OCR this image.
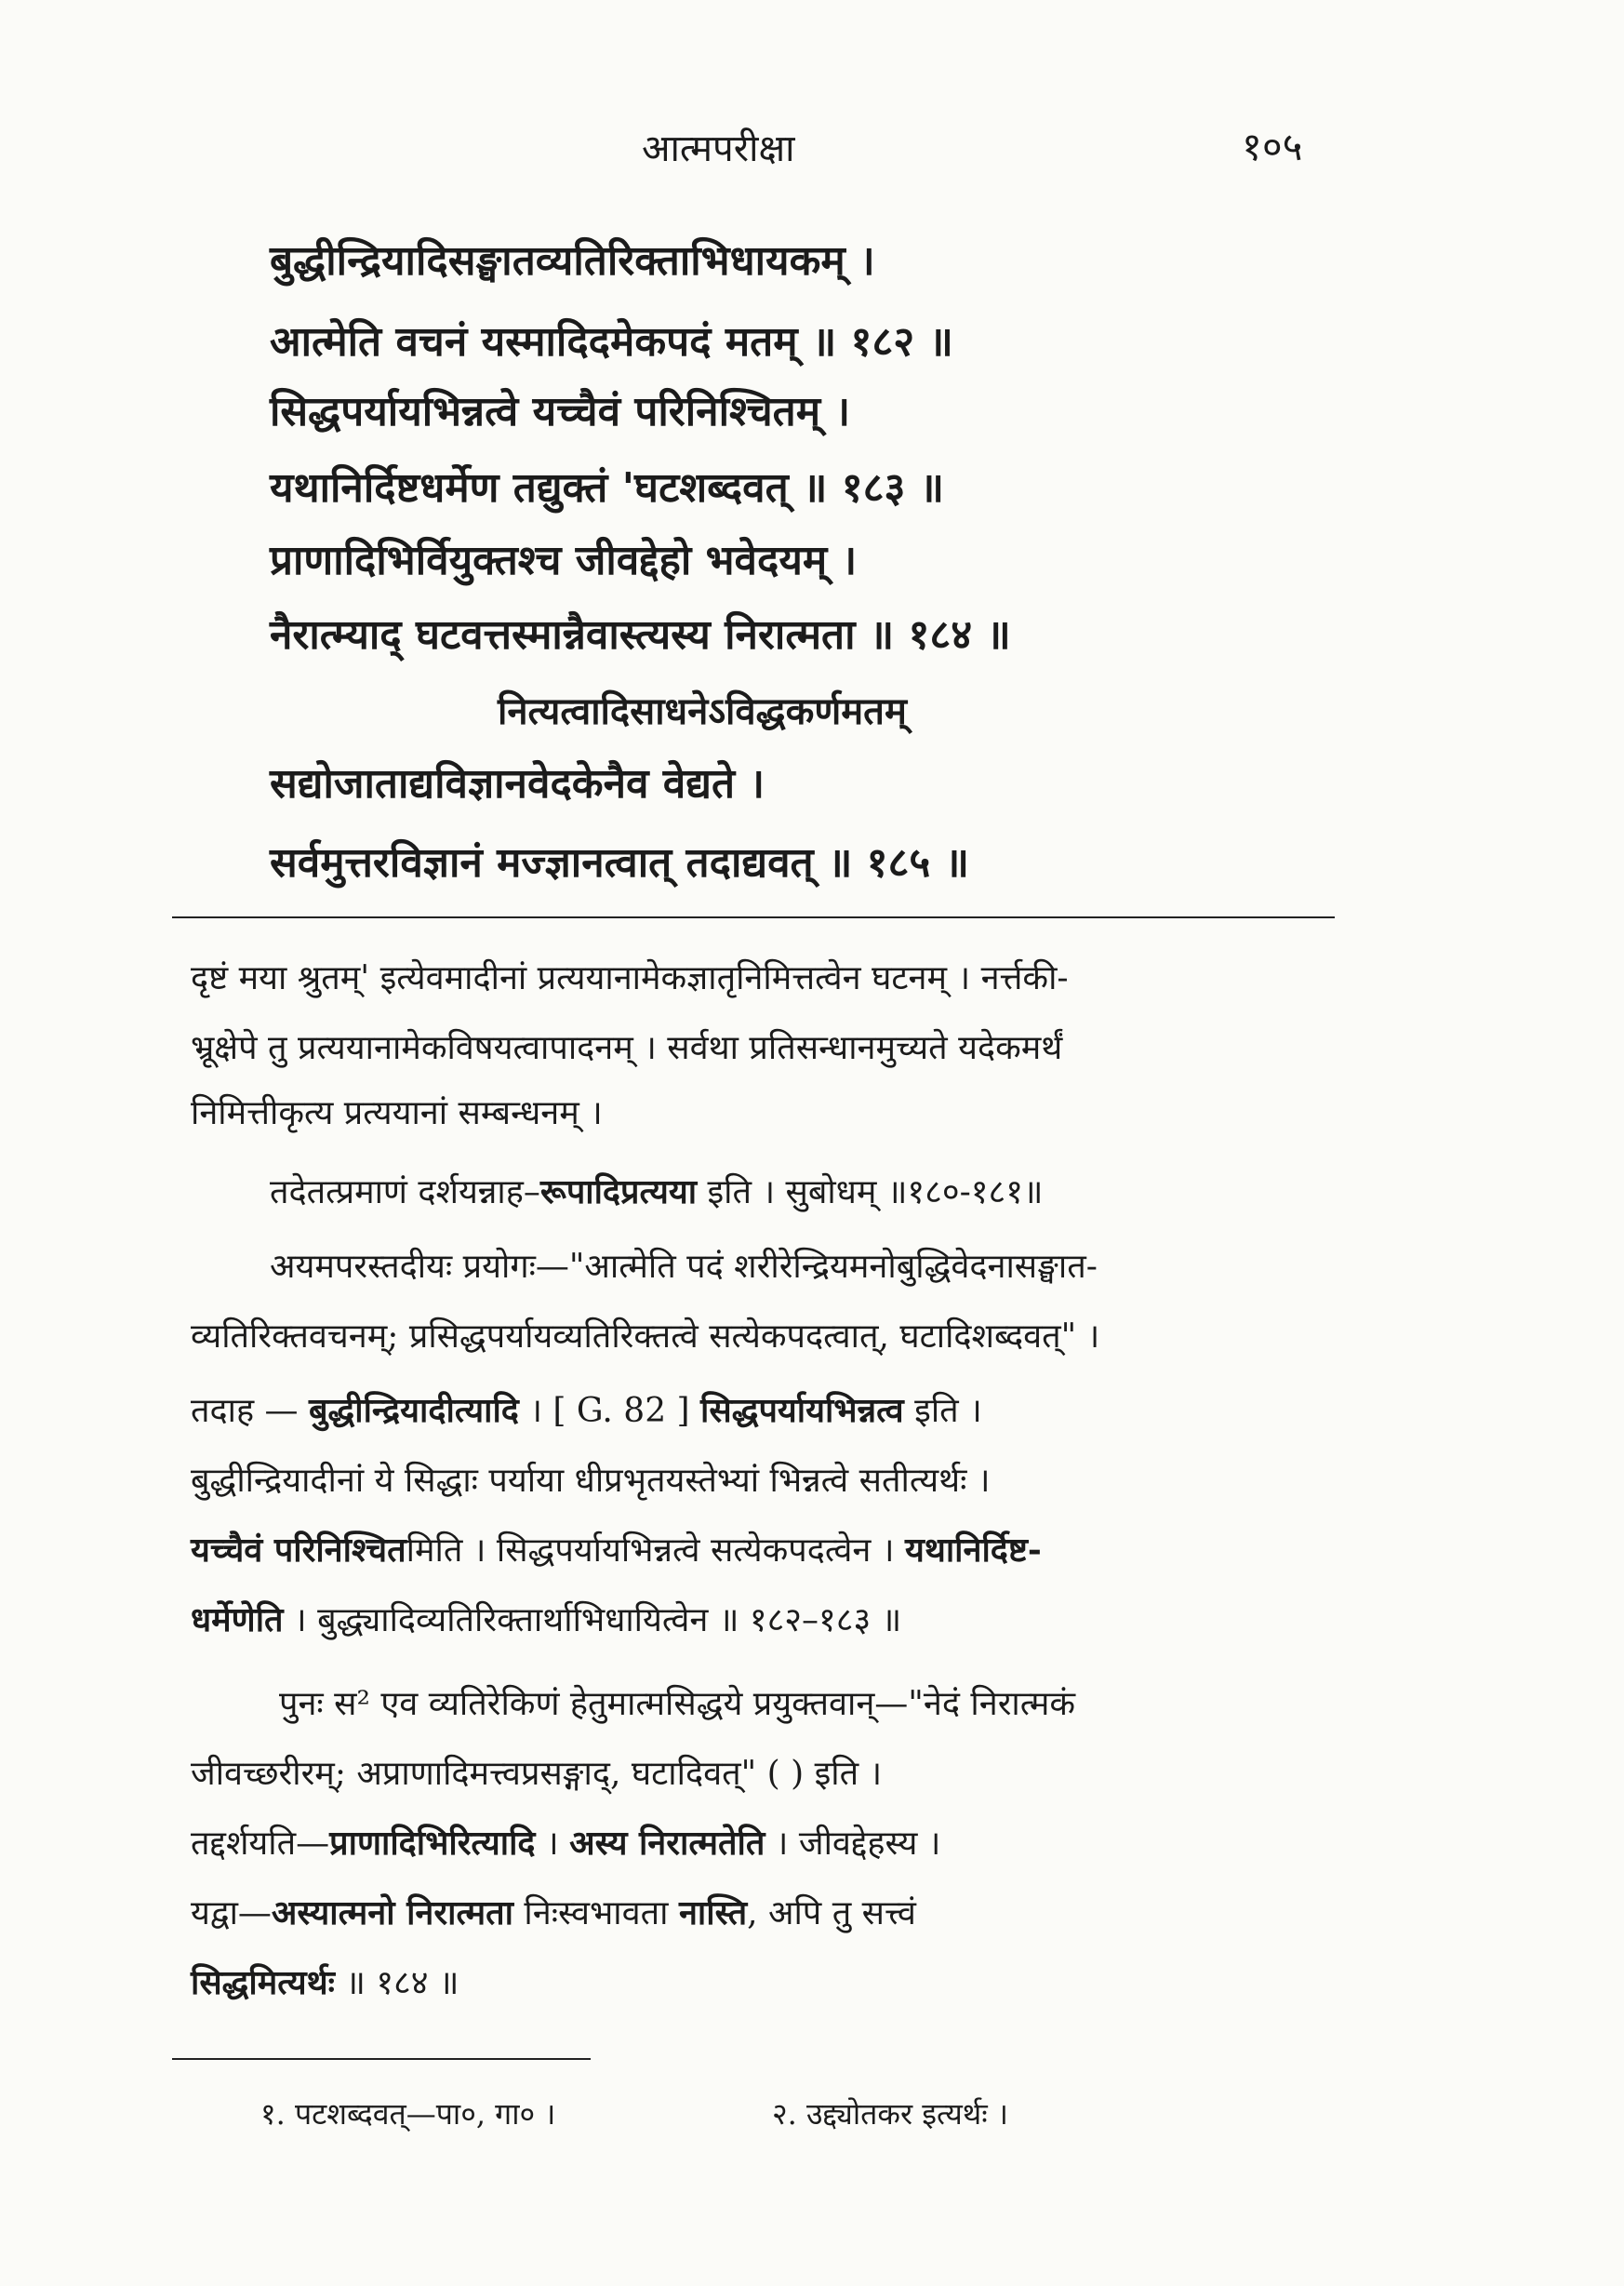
आत्मपरीक्षा	१०५
बुद्धीन्द्रियादिसङ्घातव्यतिरिक्ताभिधायकम् ।
आत्मेति वचनं यस्मादिदमेकपदं मतम् ॥ १८२ ॥
सिद्धपर्यायभिन्नत्वे यच्चैवं परिनिश्चितम् ।
यथानिर्दिष्टधर्मेण तद्युक्तं 'घटशब्दवत् ॥ १८३ ॥
प्राणादिभिर्वियुक्तश्च जीवद्देहो भवेदयम् ।
नैरात्म्याद् घटवत्तस्मान्नैवास्त्यस्य निरात्मता ॥ १८४ ॥
नित्यत्वादिसाधनेऽविद्धकर्णमतम्
सद्योजाताद्यविज्ञानवेदकेनैव वेद्यते ।
सर्वमुत्तरविज्ञानं मज्ज्ञानत्वात् तदाद्यवत् ॥ १८५ ॥
दृष्टं मया श्रुतम्' इत्येवमादीनां प्रत्ययानामेकज्ञातृनिमित्तत्वेन घटनम् । नर्त्तकी-
भ्रूक्षेपे तु प्रत्ययानामेकविषयत्वापादनम् । सर्वथा प्रतिसन्धानमुच्यते यदेकमर्थं
निमित्तीकृत्य प्रत्ययानां सम्बन्धनम् ।
तदेतत्प्रमाणं दर्शयन्नाह–रूपादिप्रत्यया इति । सुबोधम् ॥१८०-१८१॥
अयमपरस्तदीयः प्रयोगः—"आत्मेति पदं शरीरेन्द्रियमनोबुद्धिवेदनासङ्घात-
व्यतिरिक्तवचनम्; प्रसिद्धपर्यायव्यतिरिक्तत्वे सत्येकपदत्वात्, घटादिशब्दवत्" ।
तदाह — बुद्धीन्द्रियादीत्यादि । [ G. 82 ] सिद्धपर्यायभिन्नत्व इति ।
बुद्धीन्द्रियादीनां ये सिद्धाः पर्याया धीप्रभृतयस्तेभ्यां भिन्नत्वे सतीत्यर्थः ।
यच्चैवं परिनिश्चितमिति । सिद्धपर्यायभिन्नत्वे सत्येकपदत्वेन । यथानिर्दिष्ट-
धर्मेणेति । बुद्ध्यादिव्यतिरिक्तार्थाभिधायित्वेन ॥ १८२–१८३ ॥
पुनः स² एव व्यतिरेकिणं हेतुमात्मसिद्धये प्रयुक्तवान्—"नेदं निरात्मकं
जीवच्छरीरम्; अप्राणादिमत्त्वप्रसङ्गाद्, घटादिवत्" ( ) इति ।
तद्दर्शयति—प्राणादिभिरित्यादि । अस्य निरात्मतेति । जीवद्देहस्य ।
यद्वा—अस्यात्मनो निरात्मता निःस्वभावता नास्ति, अपि तु सत्त्वं
सिद्धमित्यर्थः ॥ १८४ ॥
१. पटशब्दवत्—पा०, गा० ।	२. उद्द्योतकर इत्यर्थः ।
